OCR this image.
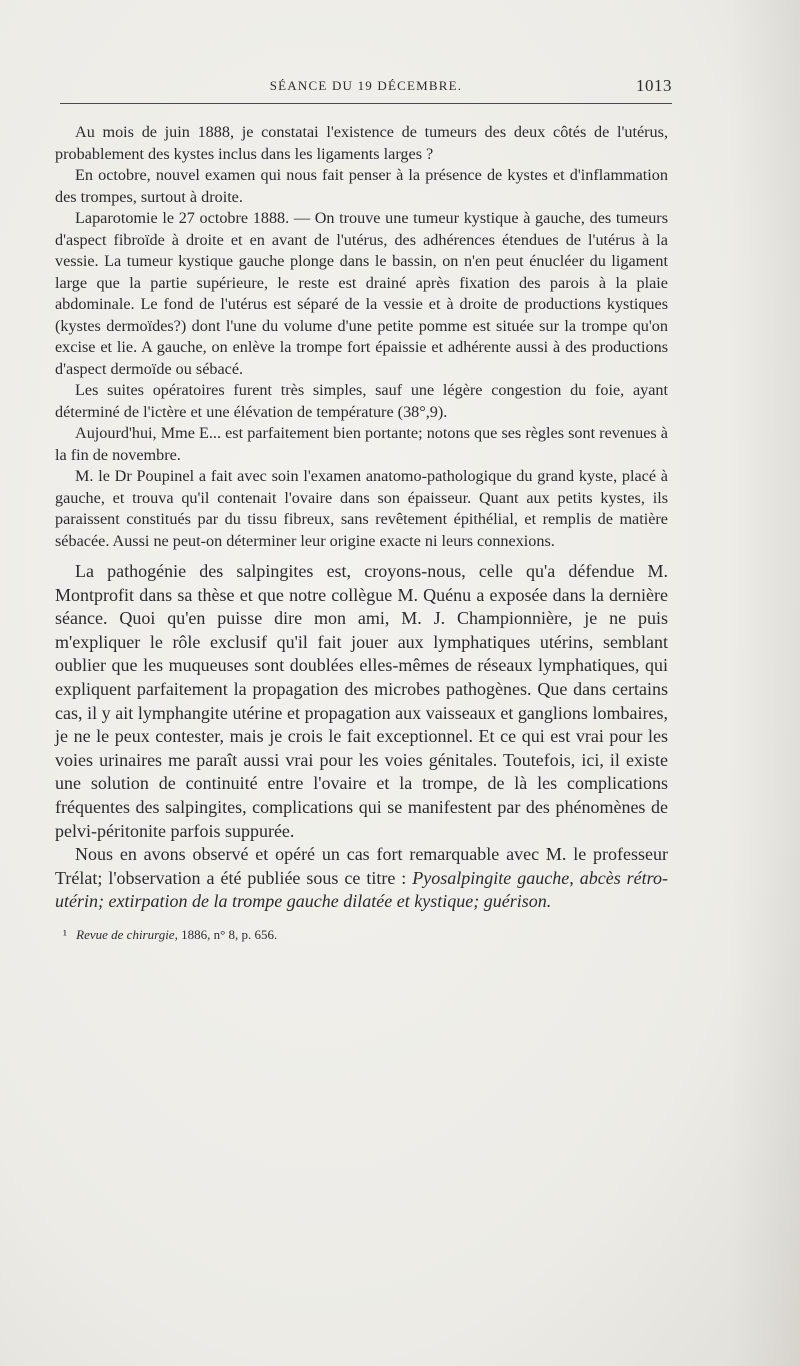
SÉANCE DU 19 DÉCEMBRE.	1013

Au mois de juin 1888, je constatai l'existence de tumeurs des deux côtés de l'utérus, probablement des kystes inclus dans les ligaments larges ?

En octobre, nouvel examen qui nous fait penser à la présence de kystes et d'inflammation des trompes, surtout à droite.

Laparotomie le 27 octobre 1888. — On trouve une tumeur kystique à gauche, des tumeurs d'aspect fibroïde à droite et en avant de l'utérus, des adhérences étendues de l'utérus à la vessie. La tumeur kystique gauche plonge dans le bassin, on n'en peut énucléer du ligament large que la partie supérieure, le reste est drainé après fixation des parois à la plaie abdominale. Le fond de l'utérus est séparé de la vessie et à droite de productions kystiques (kystes dermoïdes?) dont l'une du volume d'une petite pomme est située sur la trompe qu'on excise et lie. A gauche, on enlève la trompe fort épaissie et adhérente aussi à des productions d'aspect dermoïde ou sébacé.

Les suites opératoires furent très simples, sauf une légère congestion du foie, ayant déterminé de l'ictère et une élévation de température (38°,9).

Aujourd'hui, Mme E... est parfaitement bien portante; notons que ses règles sont revenues à la fin de novembre.

M. le Dr Poupinel a fait avec soin l'examen anatomo-pathologique du grand kyste, placé à gauche, et trouva qu'il contenait l'ovaire dans son épaisseur. Quant aux petits kystes, ils paraissent constitués par du tissu fibreux, sans revêtement épithélial, et remplis de matière sébacée. Aussi ne peut-on déterminer leur origine exacte ni leurs connexions.

La pathogénie des salpingites est, croyons-nous, celle qu'a défendue M. Montprofit dans sa thèse et que notre collègue M. Quénu a exposée dans la dernière séance. Quoi qu'en puisse dire mon ami, M. J. Championnière, je ne puis m'expliquer le rôle exclusif qu'il fait jouer aux lymphatiques utérins, semblant oublier que les muqueuses sont doublées elles-mêmes de réseaux lymphatiques, qui expliquent parfaitement la propagation des microbes pathogènes. Que dans certains cas, il y ait lymphangite utérine et propagation aux vaisseaux et ganglions lombaires, je ne le peux contester, mais je crois le fait exceptionnel. Et ce qui est vrai pour les voies urinaires me paraît aussi vrai pour les voies génitales. Toutefois, ici, il existe une solution de continuité entre l'ovaire et la trompe, de là les complications fréquentes des salpingites, complications qui se manifestent par des phénomènes de pelvi-péritonite parfois suppurée.

Nous en avons observé et opéré un cas fort remarquable avec M. le professeur Trélat; l'observation a été publiée sous ce titre : Pyosalpingite gauche, abcès rétro-utérin; extirpation de la trompe gauche dilatée et kystique; guérison.

¹ Revue de chirurgie, 1886, n° 8, p. 656.
